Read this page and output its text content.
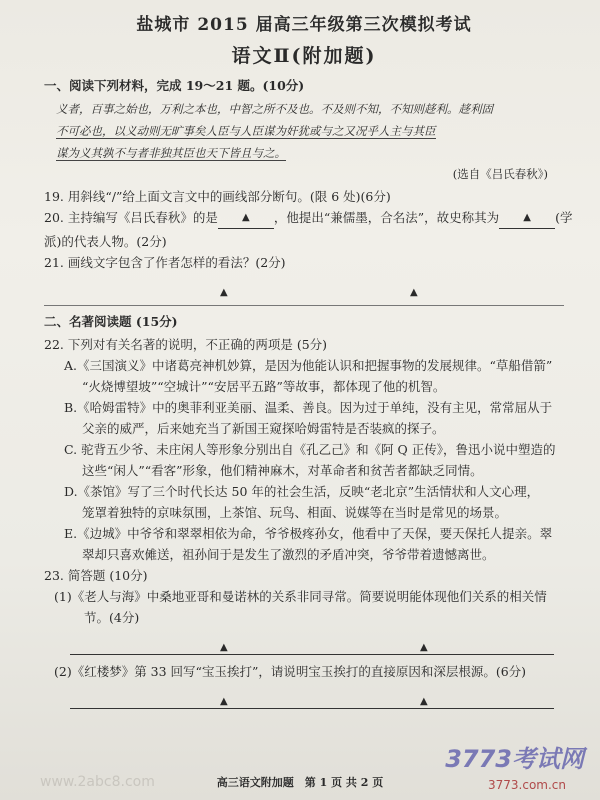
盐城市 2015 届高三年级第三次模拟考试
语文Ⅱ(附加题)
一、阅读下列材料，完成 19～21 题。(10分)

义者，百事之始也，万利之本也，中智之所不及也。不及则不知，不知则趍利。趍利固

不可必也，以义动则无旷事矣人臣与人臣谋为奸犹或与之又况乎人主与其臣

谋为义其孰不与者非独其臣也天下皆且与之。

(选自《吕氏春秋》)

19. 用斜线“/”给上面文言文中的画线部分断句。(限 6 处)(6分)

20. 主持编写《吕氏春秋》的是 ▲ ，他提出“兼儒墨，合名法”，故史称其为 ▲ (学

派)的代表人物。(2分)

21. 画线文字包含了作者怎样的看法？(2分)

▲	▲
二、名著阅读题 (15分)

22. 下列对有关名著的说明，不正确的两项是 (5分)

A.《三国演义》中诸葛亮神机妙算，是因为他能认识和把握事物的发展规律。“草船借箭”

“火烧博望坡”“空城计”“安居平五路”等故事，都体现了他的机智。

B.《哈姆雷特》中的奥菲利亚美丽、温柔、善良。因为过于单纯，没有主见，常常屈从于

父亲的威严，后来她充当了新国王窥探哈姆雷特是否装疯的探子。

C. 驼背五少爷、未庄闲人等形象分别出自《孔乙己》和《阿 Q 正传》，鲁迅小说中塑造的

这些“闲人”“看客”形象，他们精神麻木，对革命者和贫苦者都缺乏同情。

D.《茶馆》写了三个时代长达 50 年的社会生活，反映“老北京”生活情状和人文心理，

笼罩着独特的京味氛围，上茶馆、玩鸟、相面、说媒等在当时是常见的场景。

E.《边城》中爷爷和翠翠相依为命，爷爷极疼孙女，他看中了天保，要天保托人提亲。翠

翠却只喜欢傩送，祖孙间于是发生了激烈的矛盾冲突，爷爷带着遗憾离世。

23. 简答题 (10分)

(1)《老人与海》中桑地亚哥和曼诺林的关系非同寻常。简要说明能体现他们关系的相关情

节。(4分)

▲	▲

(2)《红楼梦》第 33 回写“宝玉挨打”，请说明宝玉挨打的直接原因和深层根源。(6分)

▲	▲
www.2abc8.com	高三语文附加题　第 1 页 共 2 页
3773考试网
3773.com.cn
